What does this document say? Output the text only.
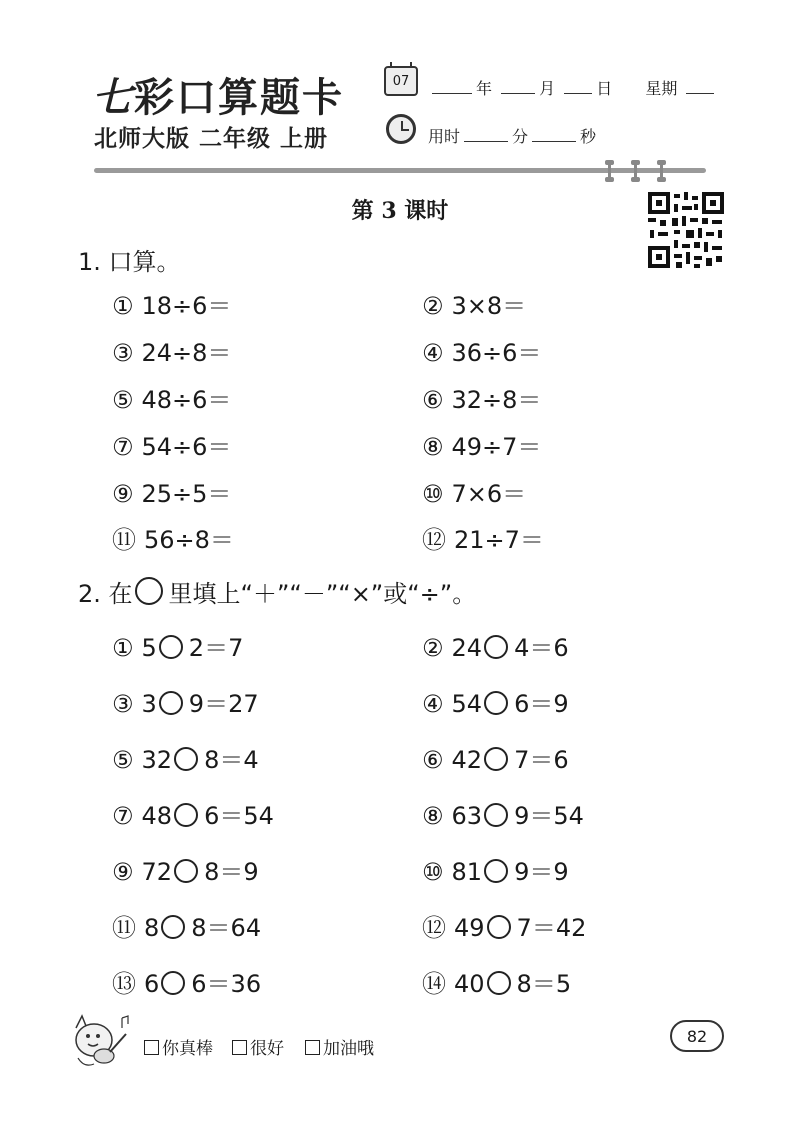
七彩口算题卡
北师大版 二年级 上册
07	年	月	日 星期
用时	分	秒
第 3 课时
1. 口算。
① 18÷6＝	② 3×8＝
③ 24÷8＝	④ 36÷6＝
⑤ 48÷6＝	⑥ 32÷8＝
⑦ 54÷6＝	⑧ 49÷7＝
⑨ 25÷5＝	⑩ 7×6＝
⑪ 56÷8＝	⑫ 21÷7＝
2. 在 里填上“＋”“－”“×”或“÷”。
① 5 2＝7	② 24 4＝6
③ 3 9＝27	④ 54 6＝9
⑤ 32 8＝4	⑥ 42 7＝6
⑦ 48 6＝54	⑧ 63 9＝54
⑨ 72 8＝9	⑩ 81 9＝9
⑪ 8 8＝64	⑫ 49 7＝42
⑬ 6 6＝36	⑭ 40 8＝5
你真棒	很好	加油哦
82
